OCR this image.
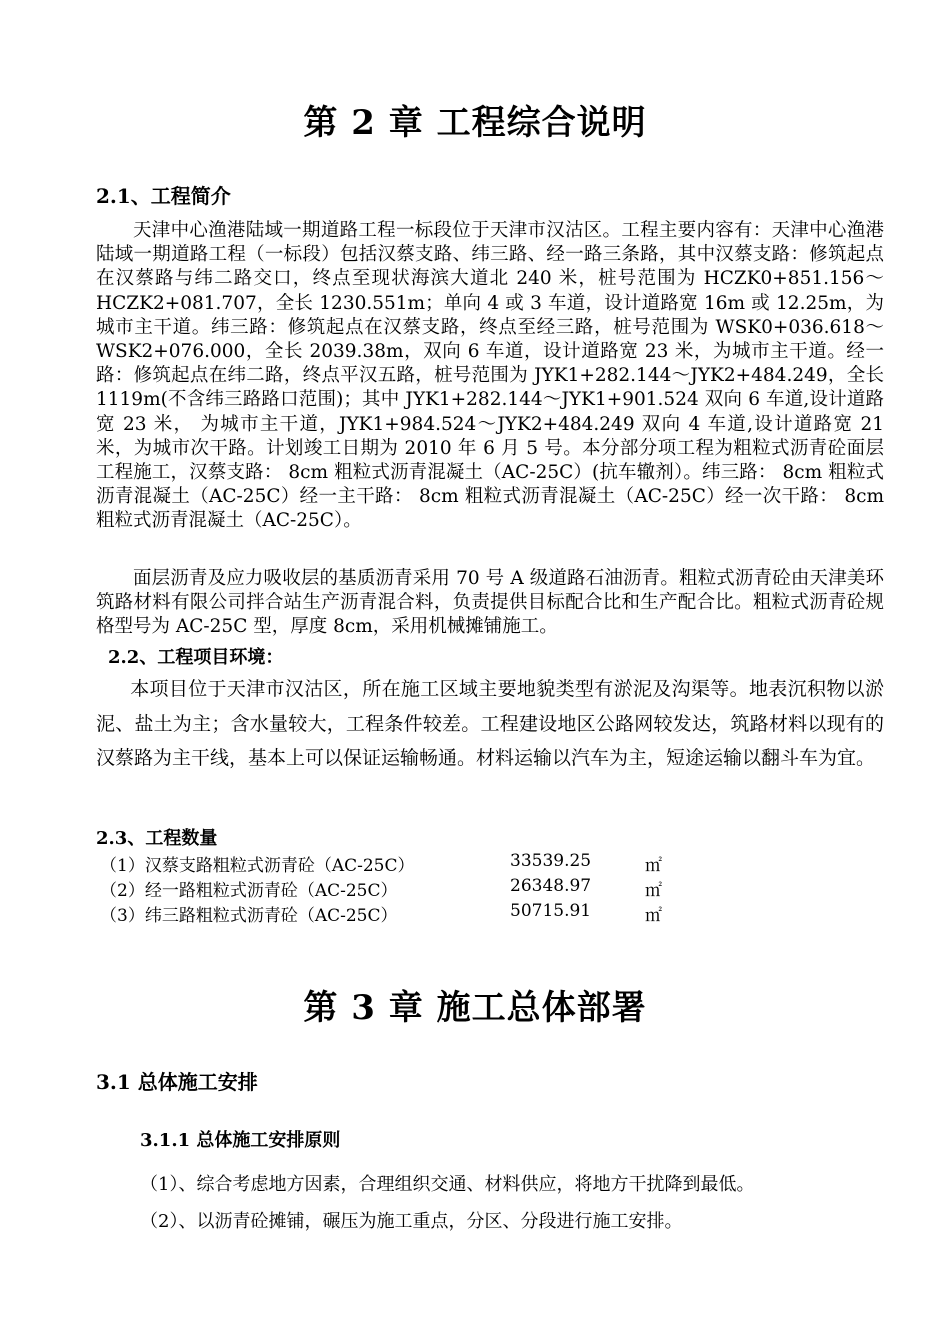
第 2 章 工程综合说明
2.1、工程简介

天津中心渔港陆域一期道路工程一标段位于天津市汉沽区。工程主要内容有：天津中心渔港陆域一期道路工程（一标段）包括汉蔡支路、纬三路、经一路三条路，其中汉蔡支路：修筑起点在汉蔡路与纬二路交口，终点至现状海滨大道北 240 米，桩号范围为 HCZK0+851.156～HCZK2+081.707，全长 1230.551m；单向 4 或 3 车道，设计道路宽 16m 或 12.25m，为城市主干道。纬三路：修筑起点在汉蔡支路，终点至经三路，桩号范围为 WSK0+036.618～WSK2+076.000，全长 2039.38m，双向 6 车道，设计道路宽 23 米，为城市主干道。经一路：修筑起点在纬二路，终点平汉五路，桩号范围为 JYK1+282.144～JYK2+484.249，全长 1119m(不含纬三路路口范围)；其中 JYK1+282.144～JYK1+901.524 双向 6 车道,设计道路宽 23 米， 为城市主干道，JYK1+984.524～JYK2+484.249 双向 4 车道,设计道路宽 21 米，为城市次干路。计划竣工日期为 2010 年 6 月 5 号。本分部分项工程为粗粒式沥青砼面层工程施工，汉蔡支路： 8cm 粗粒式沥青混凝土（AC-25C）(抗车辙剂）。纬三路： 8cm 粗粒式沥青混凝土（AC-25C）经一主干路： 8cm 粗粒式沥青混凝土（AC-25C）经一次干路： 8cm 粗粒式沥青混凝土（AC-25C）。

面层沥青及应力吸收层的基质沥青采用 70 号 A 级道路石油沥青。粗粒式沥青砼由天津美环筑路材料有限公司拌合站生产沥青混合料，负责提供目标配合比和生产配合比。粗粒式沥青砼规格型号为 AC-25C 型，厚度 8cm，采用机械摊铺施工。

2.2、工程项目环境：

本项目位于天津市汉沽区，所在施工区域主要地貌类型有淤泥及沟渠等。地表沉积物以淤泥、盐土为主；含水量较大，工程条件较差。工程建设地区公路网较发达，筑路材料以现有的汉蔡路为主干线，基本上可以保证运输畅通。材料运输以汽车为主，短途运输以翻斗车为宜。

2.3、工程数量
（1）汉蔡支路粗粒式沥青砼（AC-25C）	33539.25	㎡
（2）经一路粗粒式沥青砼（AC-25C）	26348.97	㎡
（3）纬三路粗粒式沥青砼（AC-25C）	50715.91	㎡
第 3 章 施工总体部署
3.1 总体施工安排
3.1.1 总体施工安排原则
（1）、综合考虑地方因素，合理组织交通、材料供应，将地方干扰降到最低。
（2）、以沥青砼摊铺，碾压为施工重点，分区、分段进行施工安排。
